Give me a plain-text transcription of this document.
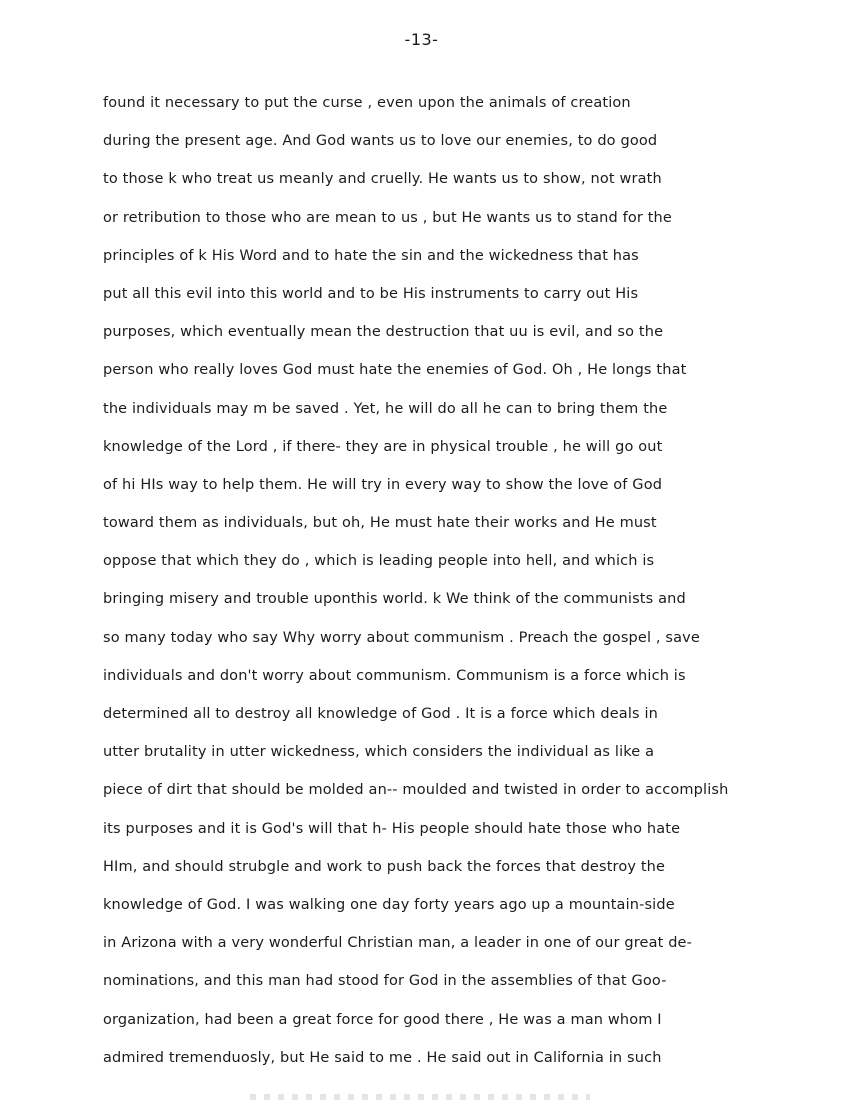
-13-
found it necessary to put the curse , even upon the animals of creation
during the present age. And God wants us to love our enemies, to do good
to those k who treat us meanly and cruelly. He wants us to show, not wrath
or retribution to those who are mean to us , but He wants us to stand for the
principles of k His Word and to hate the sin and the wickedness that has
put all this evil into this world and to be His instruments to carry out His
purposes, which eventually mean the destruction that uu is evil, and so the
person who really loves God must hate the enemies of God. Oh , He longs that
the individuals may m be saved . Yet, he will do all he can to bring them the
knowledge of the Lord , if there- they are in physical trouble , he will go out
of hi HIs way to help them. He will try in every way to show the love of God
toward them as individuals, but oh, He must hate their works and He must
oppose that which they do , which is leading people into hell, and which is
bringing misery and trouble uponthis world. k We think of the communists and
so many today who say Why worry about communism . Preach the gospel , save
individuals and don't worry about communism. Communism is a force which is
determined all to destroy all knowledge of God . It is a force which deals in
utter brutality in utter wickedness, which considers the individual as like a
piece of dirt that should be molded an-- moulded and twisted in order to accomplish
its purposes and it is God's will that h- His people should hate those who hate
HIm, and should strubgle and work to push back the forces that destroy the
knowledge of God. I was walking one day forty years ago up a mountain-side
in Arizona with a very wonderful Christian man, a leader in one of our great de-
nominations, and this man had stood for God in the assemblies of that Goo-
organization, had been a great force for good there , He was a man whom I
admired tremenduosly, but He said to me . He said out in California in such
